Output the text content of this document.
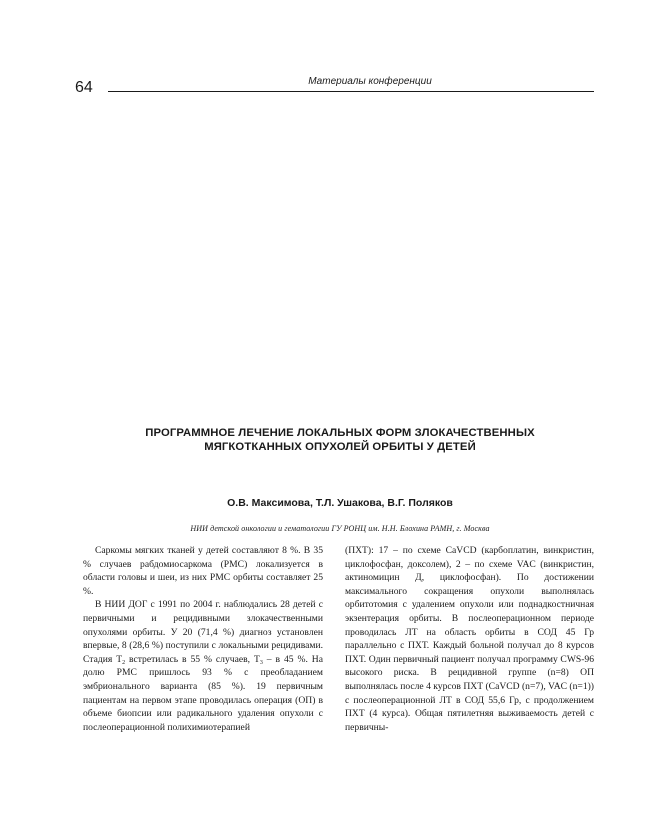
64	Материалы конференции
ПРОГРАММНОЕ ЛЕЧЕНИЕ ЛОКАЛЬНЫХ ФОРМ ЗЛОКАЧЕСТВЕННЫХ
МЯГКОТКАННЫХ ОПУХОЛЕЙ ОРБИТЫ У ДЕТЕЙ
О.В. Максимова, Т.Л. Ушакова, В.Г. Поляков
НИИ детской онкологии и гематологии ГУ РОНЦ им. Н.Н. Блохина РАМН, г. Москва

Саркомы мягких тканей у детей составляют 8 %. В 35 % случаев рабдомиосаркома (РМС) локализуется в области головы и шеи, из них РМС орбиты составляет 25 %.

В НИИ ДОГ с 1991 по 2004 г. наблюдались 28 детей с первичными и рецидивными злокачественными опухолями орбиты. У 20 (71,4 %) диагноз установлен впервые, 8 (28,6 %) поступили с локальными рецидивами. Стадия $T_2$ встретилась в 55 % случаев, $T_3$ – в 45 %. На долю РМС пришлось 93 % с преобладанием эмбрионального варианта (85 %). 19 первичным пациентам на первом этапе проводилась операция (ОП) в объеме биопсии или радикального удаления опухоли с послеоперационной полихимиотерапией

(ПХТ): 17 – по схеме CaVCD (карбоплатин, винкристин, циклофосфан, доксолем), 2 – по схеме VAC (винкристин, актиномицин Д, циклофосфан). По достижении максимального сокращения опухоли выполнялась орбитотомия с удалением опухоли или поднадкостничная экзентерация орбиты. В послеоперационном периоде проводилась ЛТ на область орбиты в СОД 45 Гр параллельно с ПХТ. Каждый больной получал до 8 курсов ПХТ. Один первичный пациент получал программу CWS-96 высокого риска. В рецидивной группе (n=8) ОП выполнялась после 4 курсов ПХТ (CaVCD (n=7), VAC (n=1)) с послеоперационной ЛТ в СОД 55,6 Гр, с продолжением ПХТ (4 курса). Общая пятилетняя выживаемость детей с первичны-
